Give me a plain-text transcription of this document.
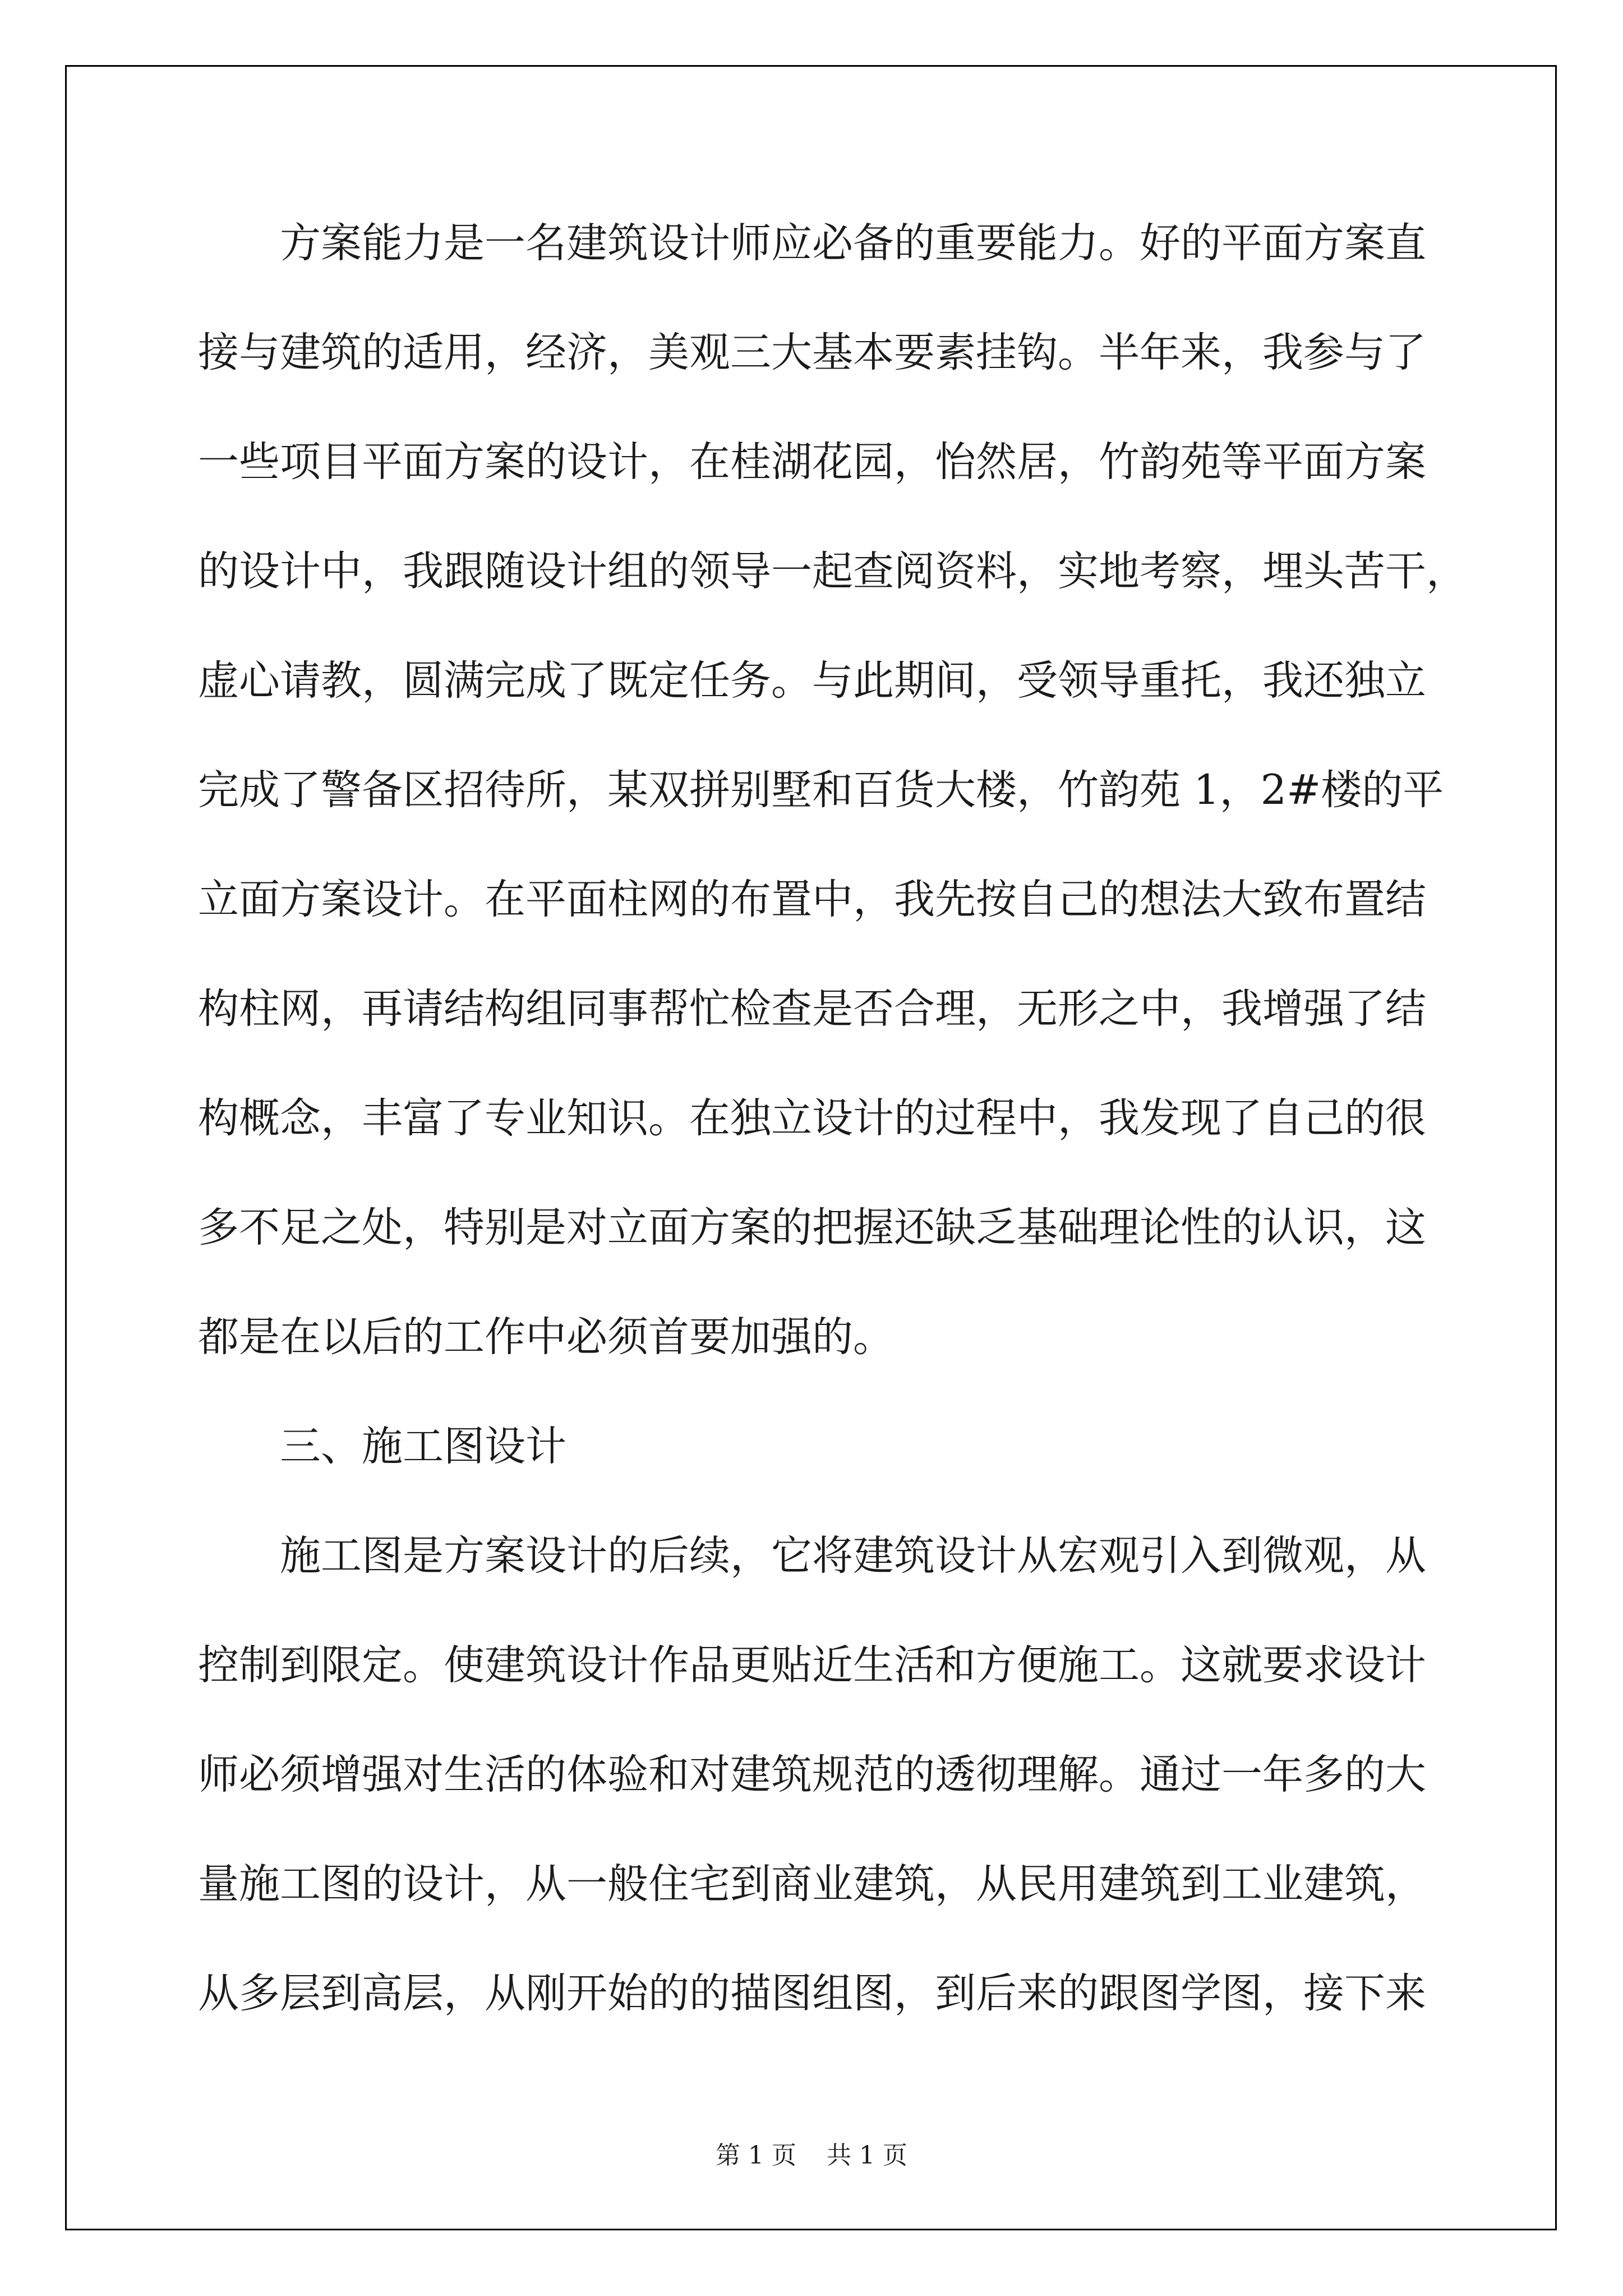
方案能力是一名建筑设计师应必备的重要能力。好的平面方案直
接与建筑的适用，经济，美观三大基本要素挂钩。半年来，我参与了
一些项目平面方案的设计，在桂湖花园，怡然居，竹韵苑等平面方案
的设计中，我跟随设计组的领导一起查阅资料，实地考察，埋头苦干，
虚心请教，圆满完成了既定任务。与此期间，受领导重托，我还独立
完成了警备区招待所，某双拼别墅和百货大楼，竹韵苑 1，2#楼的平
立面方案设计。在平面柱网的布置中，我先按自己的想法大致布置结
构柱网，再请结构组同事帮忙检查是否合理，无形之中，我增强了结
构概念，丰富了专业知识。在独立设计的过程中，我发现了自己的很
多不足之处，特别是对立面方案的把握还缺乏基础理论性的认识，这
都是在以后的工作中必须首要加强的。
三、施工图设计
施工图是方案设计的后续，它将建筑设计从宏观引入到微观，从
控制到限定。使建筑设计作品更贴近生活和方便施工。这就要求设计
师必须增强对生活的体验和对建筑规范的透彻理解。通过一年多的大
量施工图的设计，从一般住宅到商业建筑，从民用建筑到工业建筑，
从多层到高层，从刚开始的的描图组图，到后来的跟图学图，接下来
第 1 页 共 1 页
